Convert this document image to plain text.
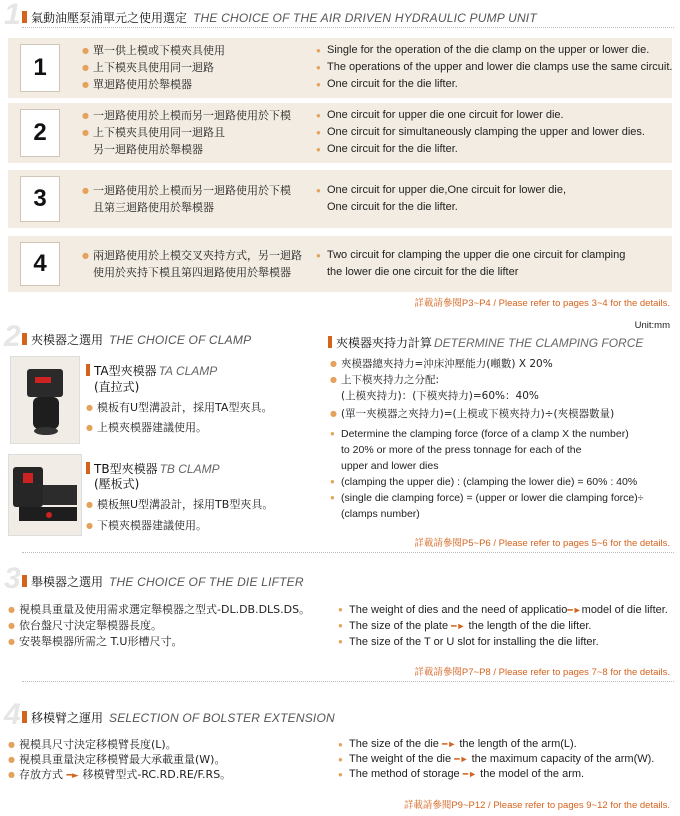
1 氣動油壓泵浦單元之使用選定 THE CHOICE OF THE AIR DRIVEN HYDRAULIC PUMP UNIT
1
● 單一供上模或下模夾具使用
● 上下模夾具使用同一迴路
● 單迴路使用於舉模器
● Single for the operation of the die clamp on the upper or lower die.
● The operations of the upper and lower die clamps use the same circuit.
● One circuit for the die lifter.
2
● 一迴路使用於上模而另一迴路使用於下模
● 上下模夾具使用同一迴路且
另一迴路使用於舉模器
● One circuit for upper die one circuit for lower die.
● One circuit for simultaneously clamping the upper and lower dies.
● One circuit for the die lifter.
3	● 一迴路使用於上模而另一迴路使用於下模
且第三迴路使用於舉模器
● One circuit for upper die,One circuit for lower die,
One circuit for the die lifter.
4	● 兩迴路使用於上模交叉夾持方式，另一迴路
使用於夾持下模且第四迴路使用於舉模器
● Two circuit for clamping the upper die one circuit for clamping
the lower die one circuit for the die lifter
詳載請參閱P3~P4 / Please refer to pages 3~4 for the details.
2 夾模器之選用 THE CHOICE OF CLAMP
Unit:mm
TA型夾模器 TA CLAMP
(直拉式)
● 模板有U型溝設計，採用TA型夾具。
● 上模夾模器建議使用。
TB型夾模器 TB CLAMP
(壓板式)
● 模板無U型溝設計，採用TB型夾具。
● 下模夾模器建議使用。
夾模器夾持力計算 DETERMINE THE CLAMPING FORCE
● 夾模器總夾持力=沖床沖壓能力(噸數) X 20%
● 上下模夾持力之分配:
(上模夾持力)：(下模夾持力)=60%：40%
● (單一夾模器之夾持力)=(上模或下模夾持力)÷(夾模器數量)
● Determine the clamping force (force of a clamp X the number)
to 20% or more of the press tonnage for each of the
upper and lower dies
● (clamping the upper die) : (clamping the lower die) = 60% : 40%
● (single die clamping force) = (upper or lower die clamping force)÷
(clamps number)
詳載請參閱P5~P6 / Please refer to pages 5~6 for the details.
3 舉模器之選用 THE CHOICE OF THE DIE LIFTER
● 視模具重量及使用需求選定舉模器之型式-DL.DB.DLS.DS。
● 依台盤尺寸決定舉模器長度。
● 安裝舉模器所需之 T.U形槽尺寸。
● The weight of dies and the need of applicatio━►model of die lifter.
● The size of the plate ━► the length of the die lifter.
● The size of the T or U slot for installing the die lifter.
詳載請參閱P7~P8 / Please refer to pages 7~8 for the details.
4 移模臂之運用 SELECTION OF BOLSTER EXTENSION
● 視模具尺寸決定移模臂長度(L)。
● 視模具重量決定移模臂最大承載重量(W)。
● 存放方式 ━► 移模臂型式-RC.RD.RE/F.RS。
● The size of the die ━► the length of the arm(L).
● The weight of the die ━► the maximum capacity of the arm(W).
● The method of storage ━► the model of the arm.
詳載請參閱P9~P12 / Please refer to pages 9~12 for the details.
